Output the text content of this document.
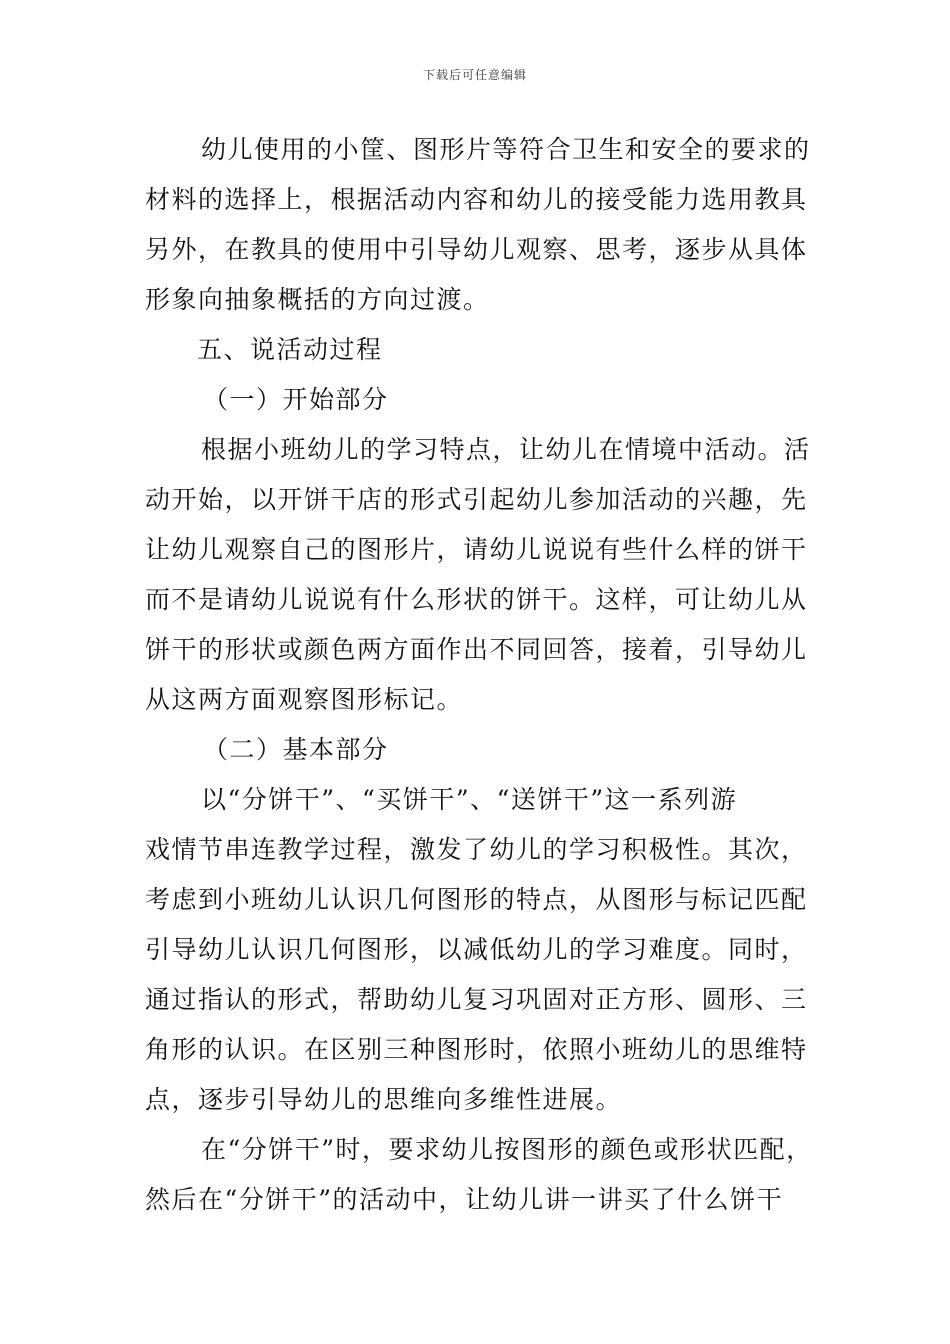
下载后可任意编辑
幼儿使用的小筐、图形片等符合卫生和安全的要求的
材料的选择上，根据活动内容和幼儿的接受能力选用教具
另外，在教具的使用中引导幼儿观察、思考，逐步从具体
形象向抽象概括的方向过渡。
五、说活动过程
（一）开始部分
根据小班幼儿的学习特点，让幼儿在情境中活动。活
动开始，以开饼干店的形式引起幼儿参加活动的兴趣，先
让幼儿观察自己的图形片，请幼儿说说有些什么样的饼干
而不是请幼儿说说有什么形状的饼干。这样，可让幼儿从
饼干的形状或颜色两方面作出不同回答，接着，引导幼儿
从这两方面观察图形标记。
（二）基本部分
以“分饼干”、“买饼干”、“送饼干”这一系列游
戏情节串连教学过程，激发了幼儿的学习积极性。其次，
考虑到小班幼儿认识几何图形的特点，从图形与标记匹配
引导幼儿认识几何图形，以减低幼儿的学习难度。同时，
通过指认的形式，帮助幼儿复习巩固对正方形、圆形、三
角形的认识。在区别三种图形时，依照小班幼儿的思维特
点，逐步引导幼儿的思维向多维性进展。
在“分饼干”时，要求幼儿按图形的颜色或形状匹配，
然后在“分饼干”的活动中，让幼儿讲一讲买了什么饼干
